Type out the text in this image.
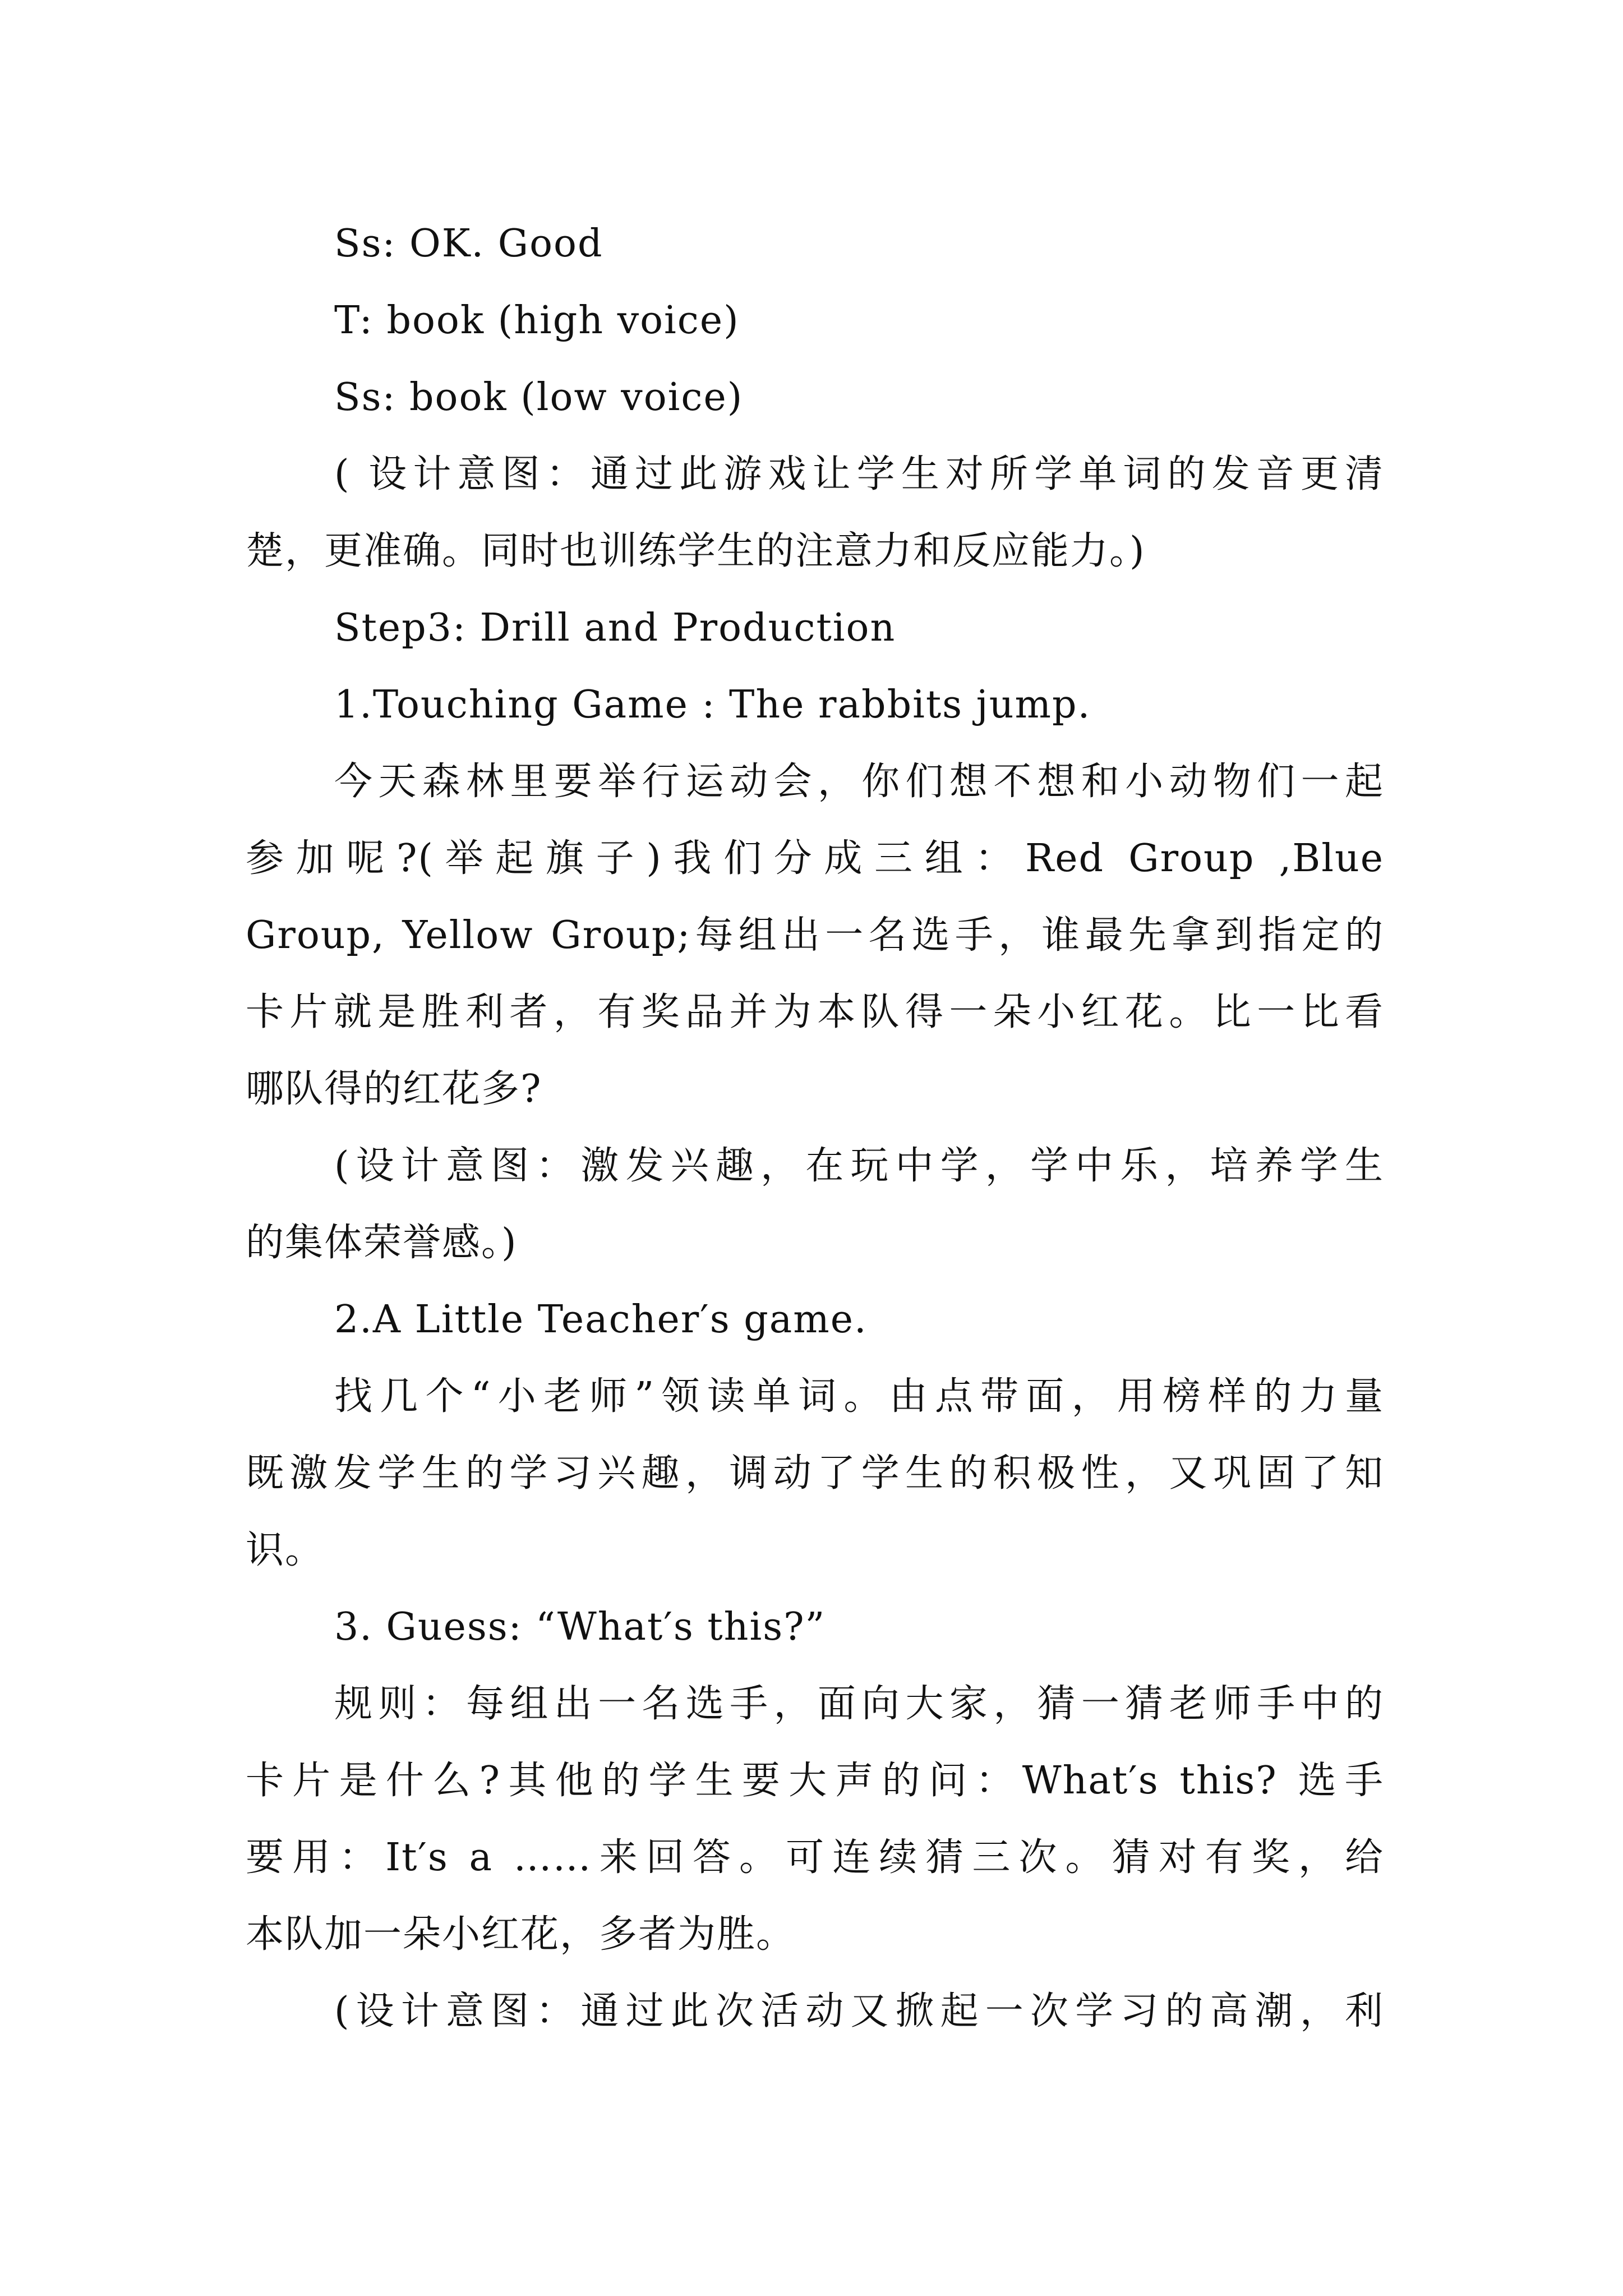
Ss: OK. Good
T: book (high voice)
Ss: book (low voice)
( 设计意图：通过此游戏让学生对所学单词的发音更清
楚，更准确。同时也训练学生的注意力和反应能力。)
Step3: Drill and Production
1.Touching Game : The rabbits jump.
今天森林里要举行运动会，你们想不想和小动物们一起
参加呢?(举起旗子)我们分成三组：Red Group ,Blue
Group, Yellow Group;每组出一名选手，谁最先拿到指定的
卡片就是胜利者，有奖品并为本队得一朵小红花。比一比看
哪队得的红花多?
(设计意图：激发兴趣，在玩中学，学中乐，培养学生
的集体荣誉感。)
2.A Little Teacher′s game.
找几个“小老师”领读单词。由点带面，用榜样的力量
既激发学生的学习兴趣，调动了学生的积极性，又巩固了知
识。
3. Guess: “What′s this?”
规则：每组出一名选手，面向大家，猜一猜老师手中的
卡片是什么?其他的学生要大声的问：What′s this? 选手
要用：It′s a ……来回答。可连续猜三次。猜对有奖，给
本队加一朵小红花，多者为胜。
(设计意图：通过此次活动又掀起一次学习的高潮，利
